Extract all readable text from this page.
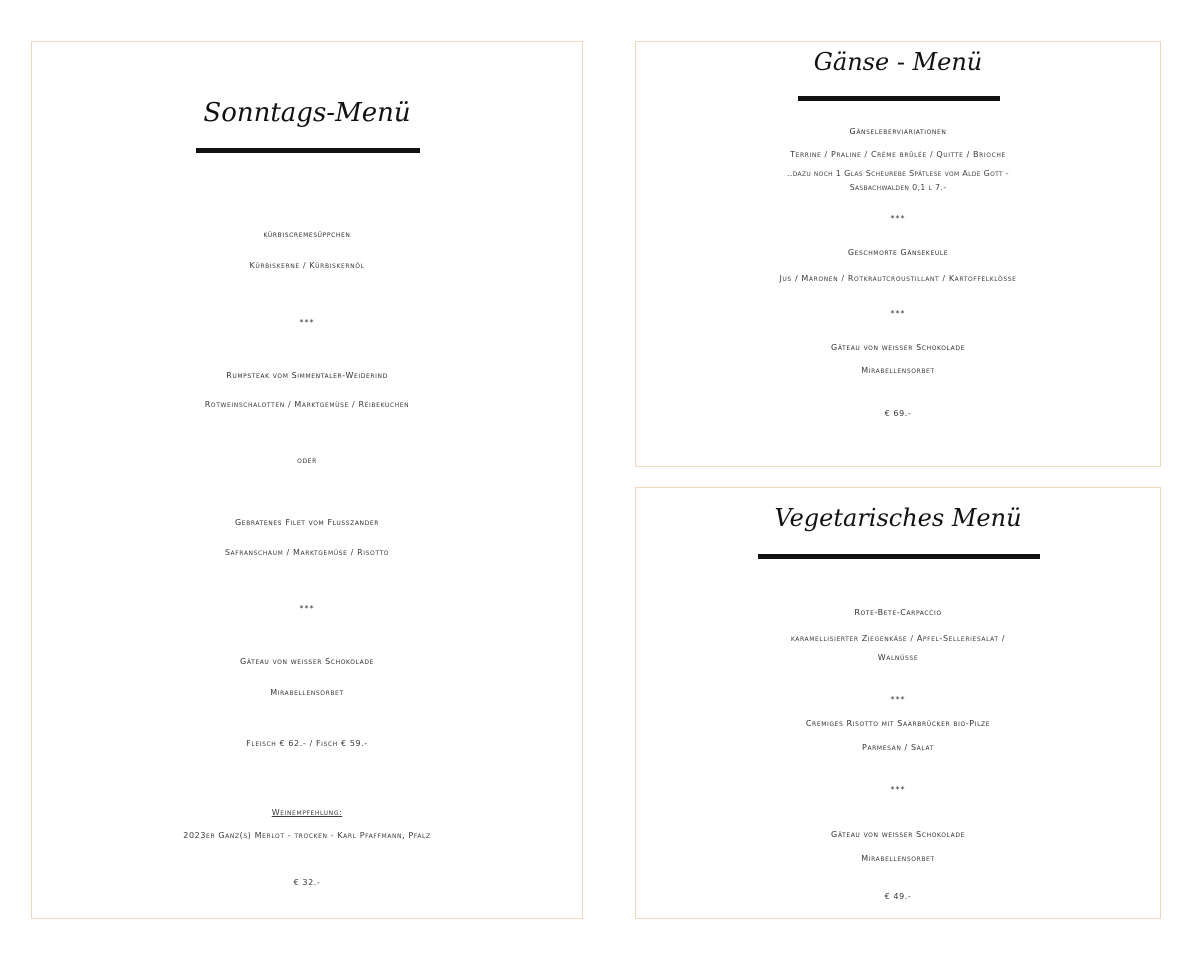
Sonntags-Menü
kürbiscremesüppchen
Kürbiskerne / Kürbiskernöl
***
Rumpsteak vom Simmentaler-Weiderind
Rotweinschalotten / Marktgemüse / Reibekuchen
oder
Gebratenes Filet vom Flusszander
Safranschaum / Marktgemüse / Risotto
***
Gâteau von weisser Schokolade
Mirabellensorbet
Fleisch € 62.- / Fisch € 59.-
Weinempfehlung:
2023er Ganz(s) Merlot - trocken - Karl Pfaffmann, Pfalz
€ 32.-
Gänse - Menü
Gänseleberviariationen
Terrine / Praline / Crème brûlée / Quitte / Brioche
..dazu noch 1 Glas Scheurebe Spätlese vom Alde Gott -
Sasbachwalden 0,1 l 7.-
***
Geschmorte Gänsekeule
Jus / Maronen / Rotkrautcroustillant / Kartoffelklösse
***
Gâteau von weisser Schokolade
Mirabellensorbet
€ 69.-
Vegetarisches Menü
Rote-Bete-Carpaccio
karamellisierter Ziegenkäse / Apfel-Selleriesalat /
Walnüsse
***
Cremiges Risotto mit Saarbrücker bio-Pilze
Parmesan / Salat
***
Gâteau von weisser Schokolade
Mirabellensorbet
€ 49.-
